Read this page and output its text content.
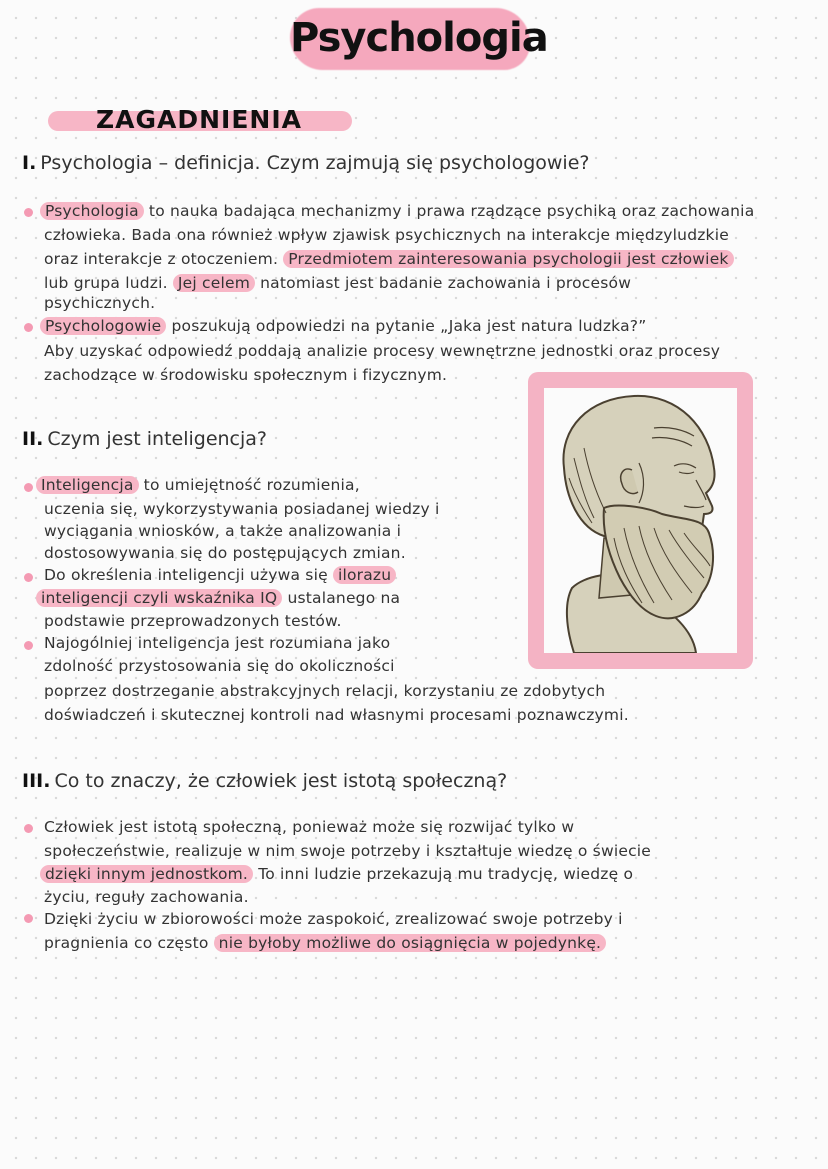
Psychologia
ZAGADNIENIA
I. Psychologia – definicja. Czym zajmują się psychologowie?
Psychologia to nauka badająca mechanizmy i prawa rządzące psychiką oraz zachowania
człowieka. Bada ona również wpływ zjawisk psychicznych na interakcje międzyludzkie
oraz interakcje z otoczeniem. Przedmiotem zainteresowania psychologii jest człowiek
lub grupa ludzi. Jej celem natomiast jest badanie zachowania i procesów
psychicznych.
Psychologowie poszukują odpowiedzi na pytanie „Jaka jest natura ludzka?”
Aby uzyskać odpowiedź poddają analizie procesy wewnętrzne jednostki oraz procesy
zachodzące w środowisku społecznym i fizycznym.
II. Czym jest inteligencja?
Inteligencja to umiejętność rozumienia,
uczenia się, wykorzystywania posiadanej wiedzy i
wyciągania wniosków, a także analizowania i
dostosowywania się do postępujących zmian.
Do określenia inteligencji używa się ilorazu
inteligencji czyli wskaźnika IQ ustalanego na
podstawie przeprowadzonych testów.
Najogólniej inteligencja jest rozumiana jako
zdolność przystosowania się do okoliczności
poprzez dostrzeganie abstrakcyjnych relacji, korzystaniu ze zdobytych
doświadczeń i skutecznej kontroli nad własnymi procesami poznawczymi.
III. Co to znaczy, że człowiek jest istotą społeczną?
Człowiek jest istotą społeczną, ponieważ może się rozwijać tylko w
społeczeństwie, realizuje w nim swoje potrzeby i kształtuje wiedzę o świecie
dzięki innym jednostkom. To inni ludzie przekazują mu tradycję, wiedzę o
życiu, reguły zachowania.
Dzięki życiu w zbiorowości może zaspokoić, zrealizować swoje potrzeby i
pragnienia co często nie byłoby możliwe do osiągnięcia w pojedynkę.
